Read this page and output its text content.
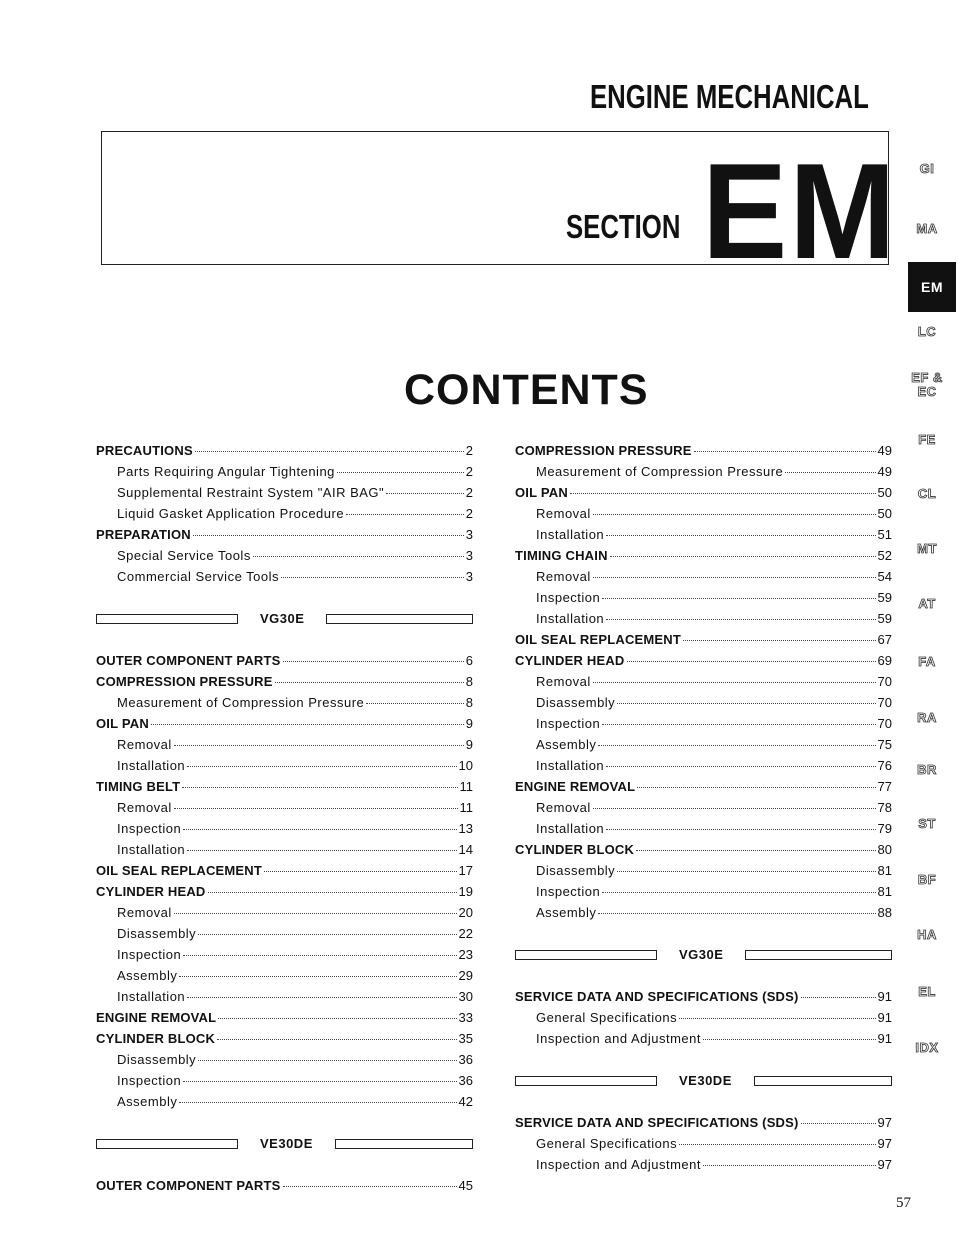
ENGINE MECHANICAL
SECTION EM
CONTENTS
PRECAUTIONS	2
Parts Requiring Angular Tightening	2
Supplemental Restraint System "AIR BAG"	2
Liquid Gasket Application Procedure	2
PREPARATION	3
Special Service Tools	3
Commercial Service Tools	3
VG30E
OUTER COMPONENT PARTS	6
COMPRESSION PRESSURE	8
Measurement of Compression Pressure	8
OIL PAN	9
Removal	9
Installation	10
TIMING BELT	11
Removal	11
Inspection	13
Installation	14
OIL SEAL REPLACEMENT	17
CYLINDER HEAD	19
Removal	20
Disassembly	22
Inspection	23
Assembly	29
Installation	30
ENGINE REMOVAL	33
CYLINDER BLOCK	35
Disassembly	36
Inspection	36
Assembly	42
VE30DE
OUTER COMPONENT PARTS	45
COMPRESSION PRESSURE	49
Measurement of Compression Pressure	49
OIL PAN	50
Removal	50
Installation	51
TIMING CHAIN	52
Removal	54
Inspection	59
Installation	59
OIL SEAL REPLACEMENT	67
CYLINDER HEAD	69
Removal	70
Disassembly	70
Inspection	70
Assembly	75
Installation	76
ENGINE REMOVAL	77
Removal	78
Installation	79
CYLINDER BLOCK	80
Disassembly	81
Inspection	81
Assembly	88
VG30E
SERVICE DATA AND SPECIFICATIONS (SDS)	91
General Specifications	91
Inspection and Adjustment	91
VE30DE
SERVICE DATA AND SPECIFICATIONS (SDS)	97
General Specifications	97
Inspection and Adjustment	97
GI
MA
EM
LC
EF &
EC
FE
CL
MT
AT
FA
RA
BR
ST
BF
HA
EL
IDX
57
